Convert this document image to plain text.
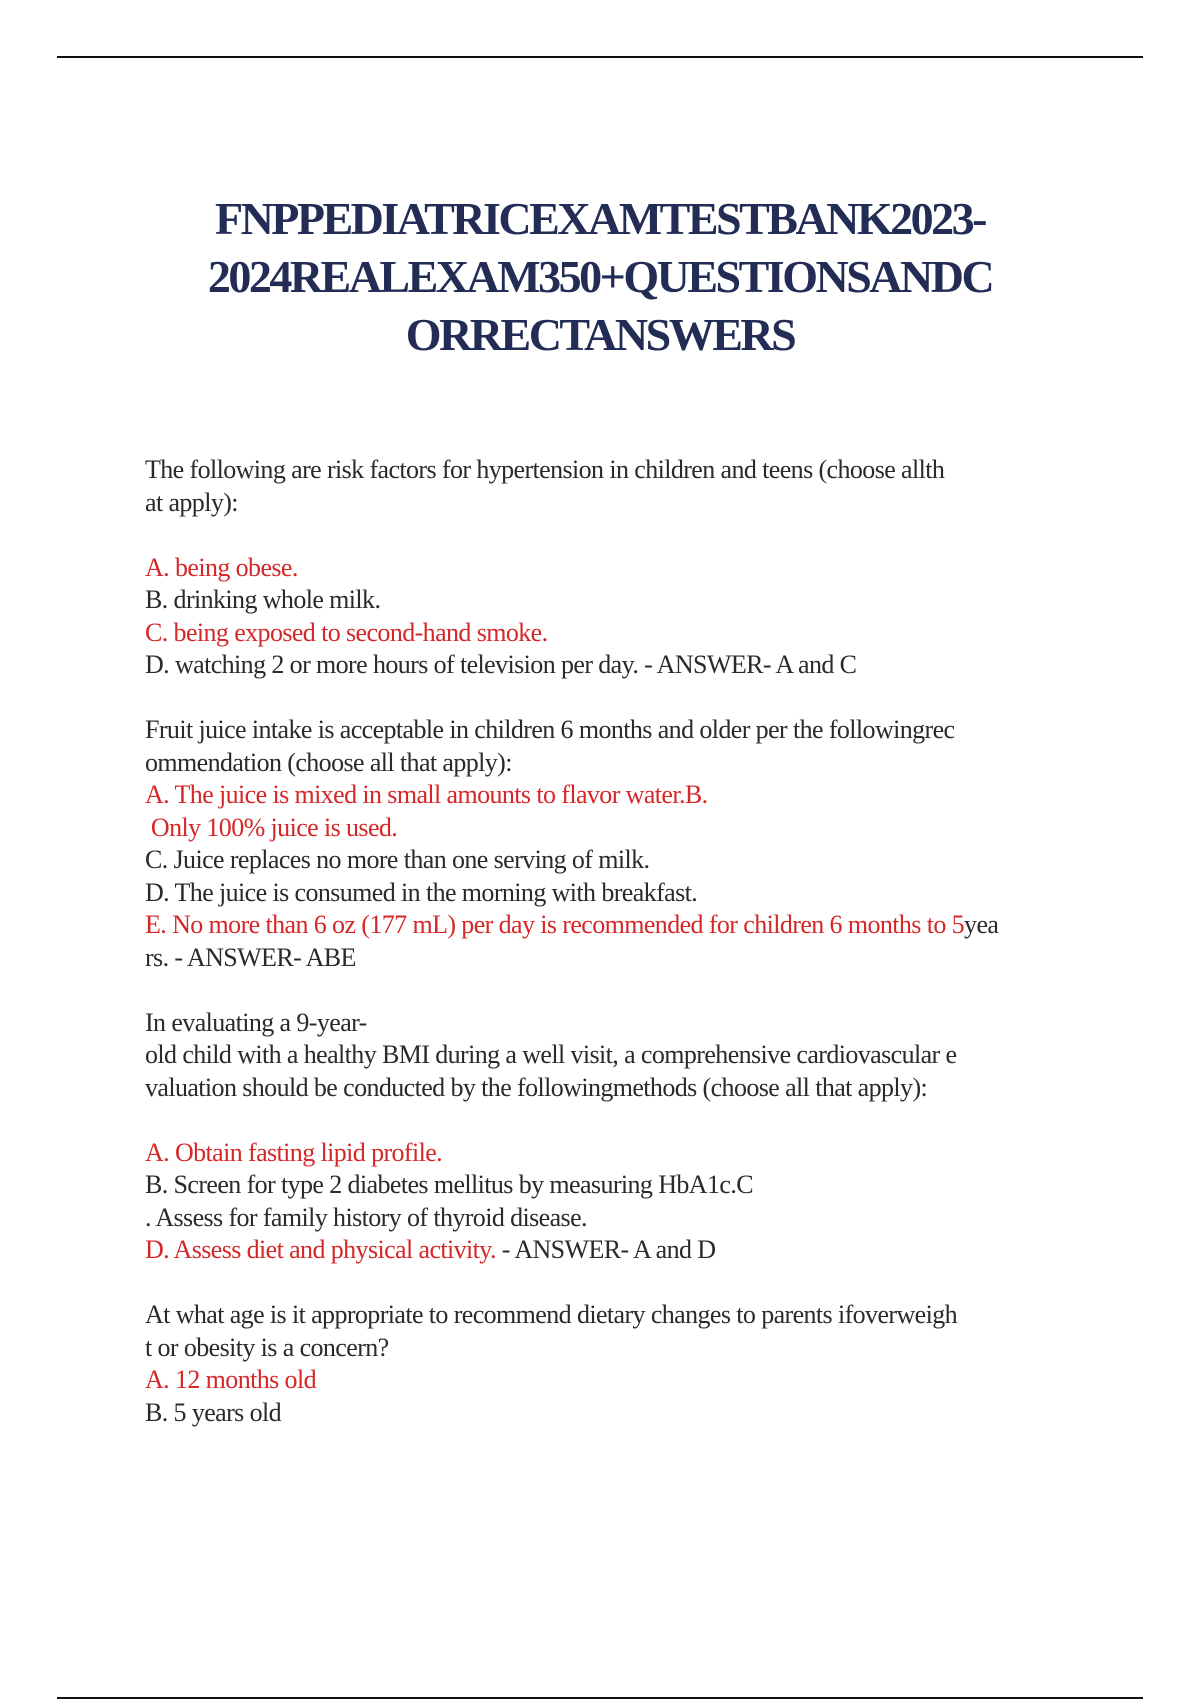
FNPPEDIATRICEXAMTESTBANK2023-
2024REALEXAM350+QUESTIONSANDC
ORRECTANSWERS
The following are risk factors for hypertension in children and teens (choose allth
at apply):
A. being obese.
B. drinking whole milk.
C. being exposed to second-hand smoke.
D. watching 2 or more hours of television per day. - ANSWER- A and C
Fruit juice intake is acceptable in children 6 months and older per the followingrec
ommendation (choose all that apply):
A. The juice is mixed in small amounts to flavor water.B.
Only 100% juice is used.
C. Juice replaces no more than one serving of milk.
D. The juice is consumed in the morning with breakfast.
E. No more than 6 oz (177 mL) per day is recommended for children 6 months to 5yea
rs. - ANSWER- ABE
In evaluating a 9-year-
old child with a healthy BMI during a well visit, a comprehensive cardiovascular e
valuation should be conducted by the followingmethods (choose all that apply):
A. Obtain fasting lipid profile.
B. Screen for type 2 diabetes mellitus by measuring HbA1c.C
. Assess for family history of thyroid disease.
D. Assess diet and physical activity. - ANSWER- A and D
At what age is it appropriate to recommend dietary changes to parents ifoverweigh
t or obesity is a concern?
A. 12 months old
B. 5 years old
